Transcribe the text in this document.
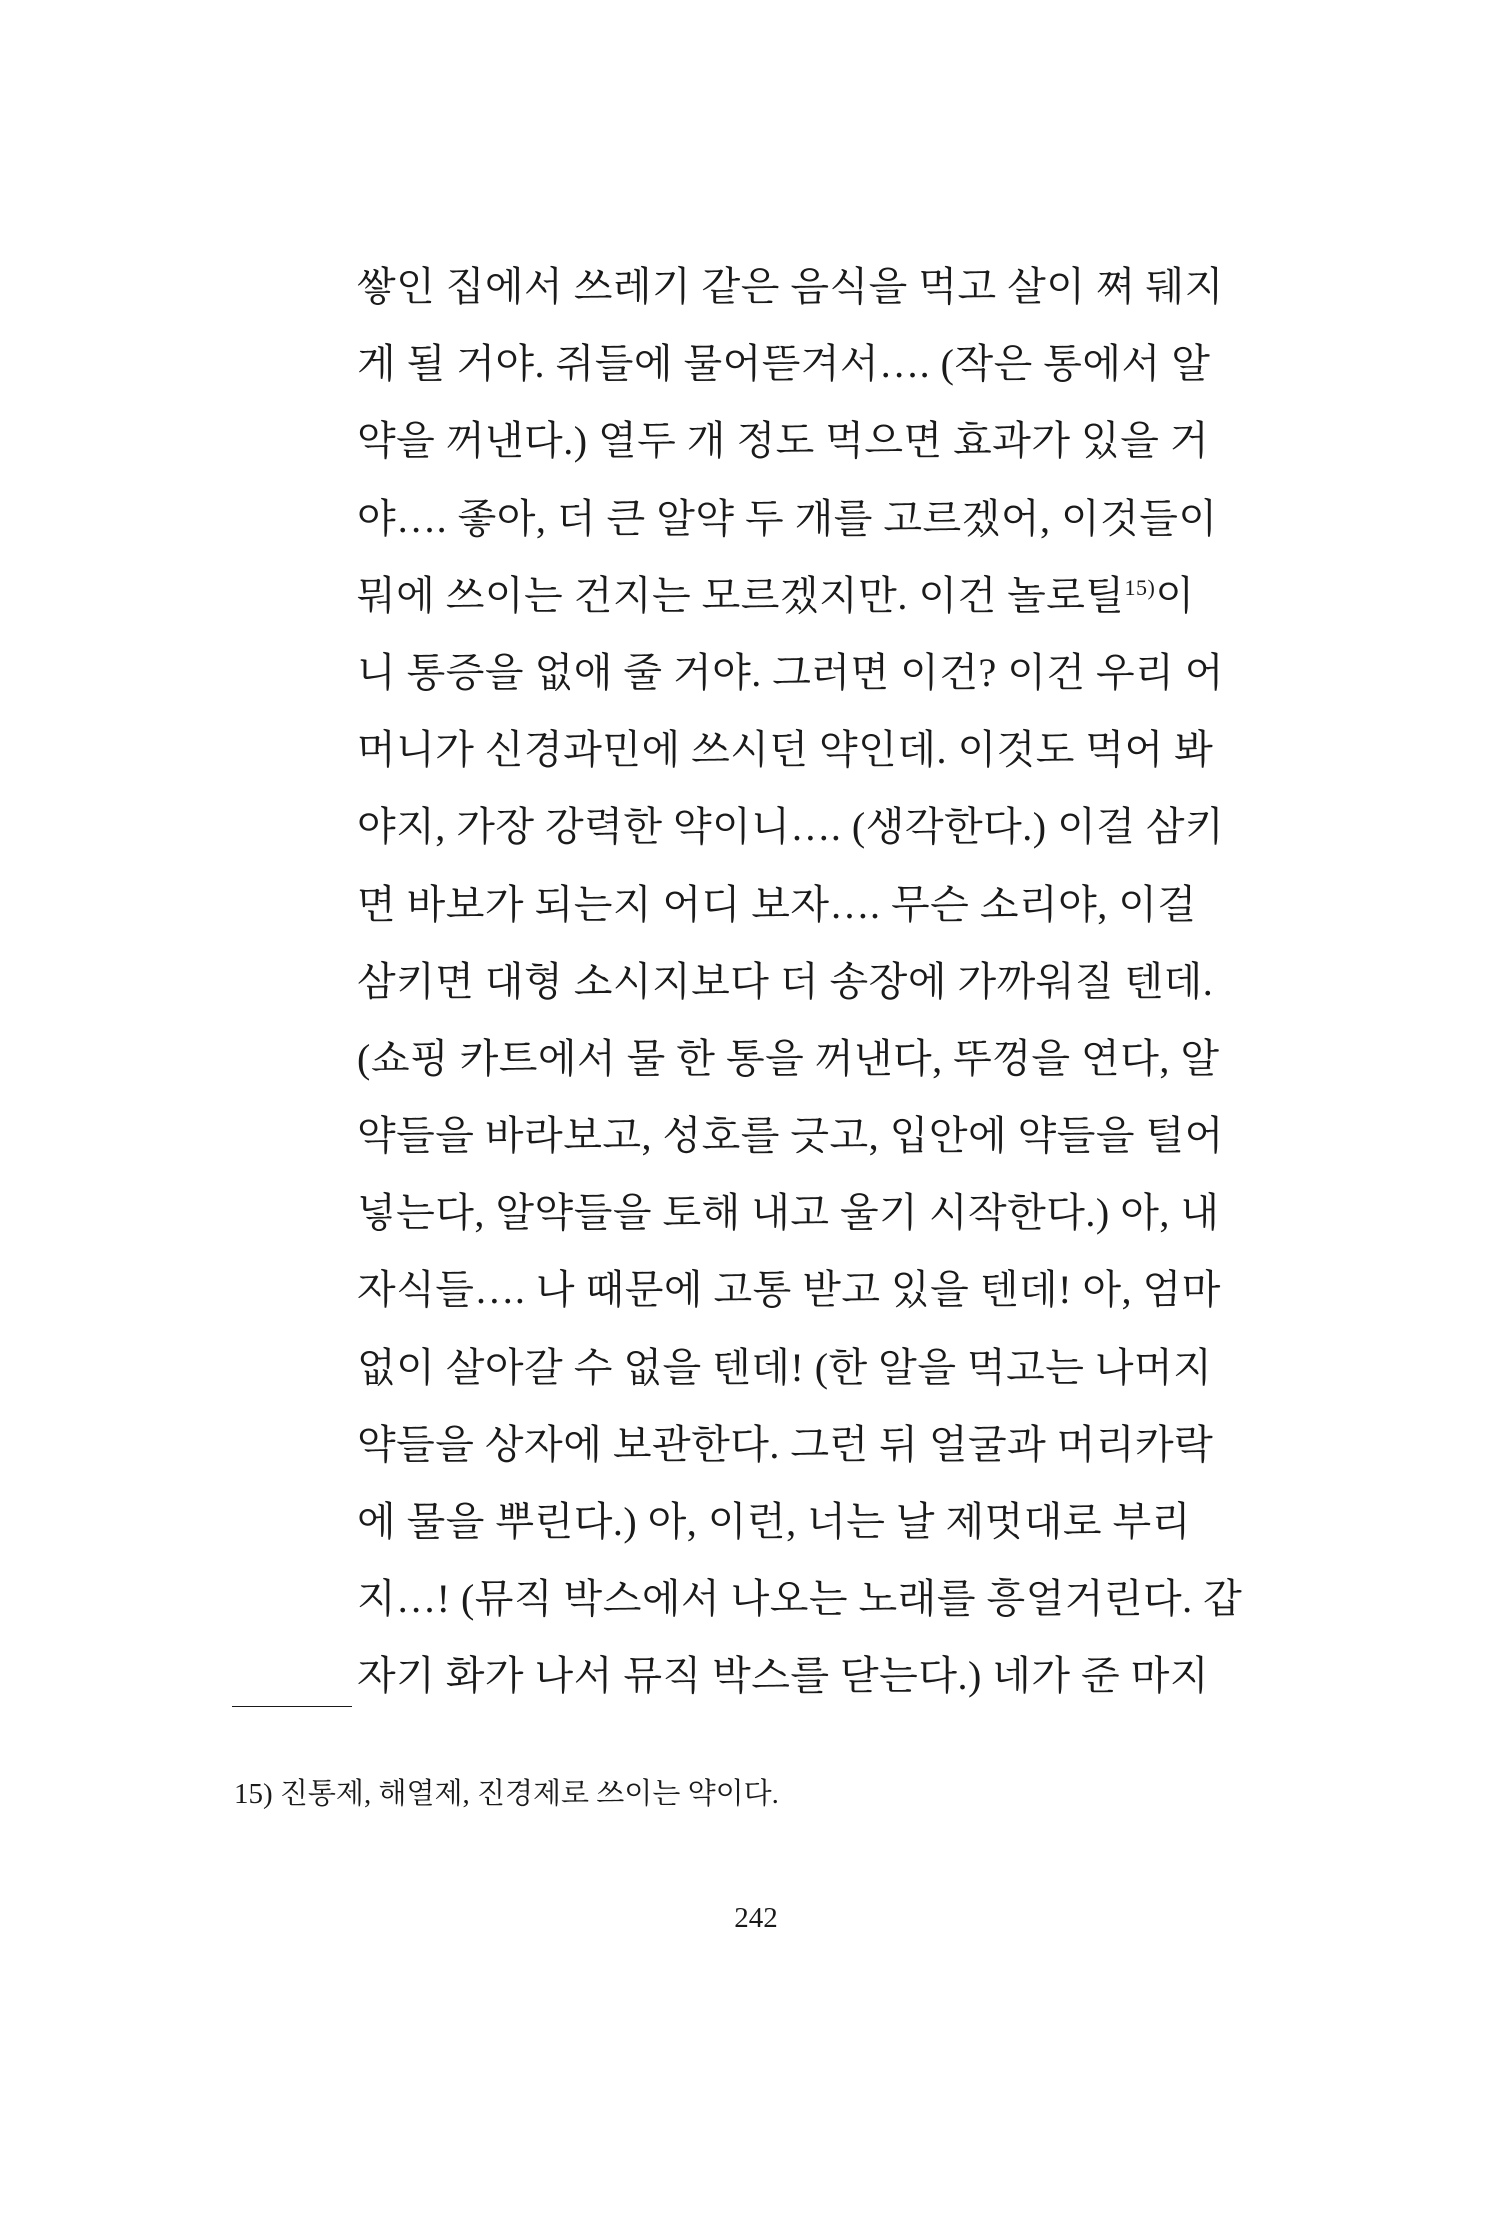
쌓인 집에서 쓰레기 같은 음식을 먹고 살이 쪄 뒈지
게 될 거야. 쥐들에 물어뜯겨서…. (작은 통에서 알
약을 꺼낸다.) 열두 개 정도 먹으면 효과가 있을 거
야…. 좋아, 더 큰 알약 두 개를 고르겠어, 이것들이
뭐에 쓰이는 건지는 모르겠지만. 이건 놀로틸$^{15)}$이
니 통증을 없애 줄 거야. 그러면 이건? 이건 우리 어
머니가 신경과민에 쓰시던 약인데. 이것도 먹어 봐
야지, 가장 강력한 약이니…. (생각한다.) 이걸 삼키
면 바보가 되는지 어디 보자…. 무슨 소리야, 이걸
삼키면 대형 소시지보다 더 송장에 가까워질 텐데.
(쇼핑 카트에서 물 한 통을 꺼낸다, 뚜껑을 연다, 알
약들을 바라보고, 성호를 긋고, 입안에 약들을 털어
넣는다, 알약들을 토해 내고 울기 시작한다.) 아, 내
자식들…. 나 때문에 고통 받고 있을 텐데! 아, 엄마
없이 살아갈 수 없을 텐데! (한 알을 먹고는 나머지
약들을 상자에 보관한다. 그런 뒤 얼굴과 머리카락
에 물을 뿌린다.) 아, 이런, 너는 날 제멋대로 부리
지…! (뮤직 박스에서 나오는 노래를 흥얼거린다. 갑
자기 화가 나서 뮤직 박스를 닫는다.) 네가 준 마지
15) 진통제, 해열제, 진경제로 쓰이는 약이다.
242
